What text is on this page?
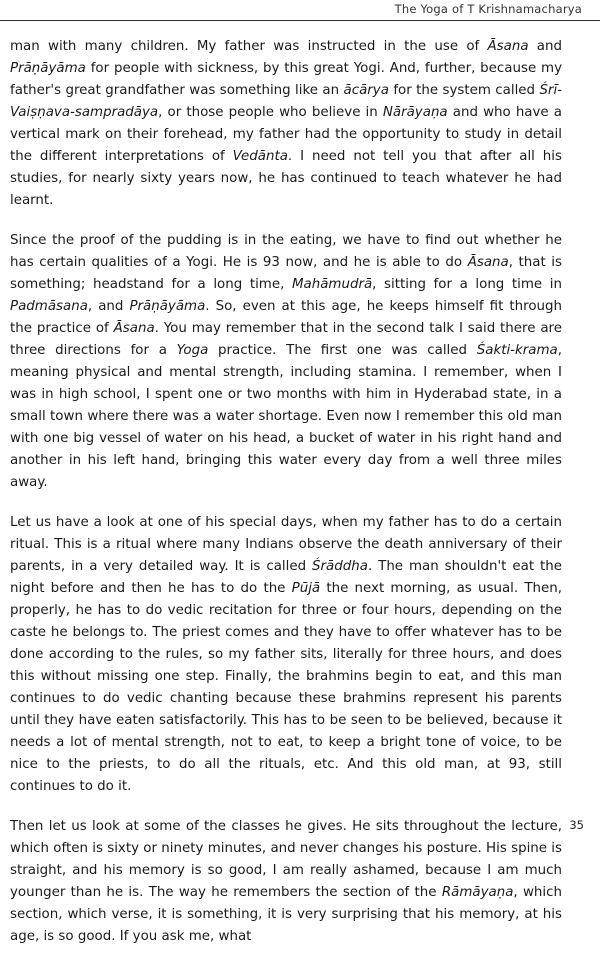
The Yoga of T Krishnamacharya

man with many children. My father was instructed in the use of Āsana and Prāṇāyāma for people with sickness, by this great Yogi. And, further, because my father's great grandfather was something like an ācārya for the system called Śrī-Vaiṣṇava-sampradāya, or those people who believe in Nārāyaṇa and who have a vertical mark on their forehead, my father had the opportunity to study in detail the different interpretations of Vedānta. I need not tell you that after all his studies, for nearly sixty years now, he has continued to teach whatever he had learnt.

Since the proof of the pudding is in the eating, we have to find out whether he has certain qualities of a Yogi. He is 93 now, and he is able to do Āsana, that is something; headstand for a long time, Mahāmudrā, sitting for a long time in Padmāsana, and Prāṇāyāma. So, even at this age, he keeps himself fit through the practice of Āsana. You may remember that in the second talk I said there are three directions for a Yoga practice. The first one was called Śakti-krama, meaning physical and mental strength, including stamina. I remember, when I was in high school, I spent one or two months with him in Hyderabad state, in a small town where there was a water shortage. Even now I remember this old man with one big vessel of water on his head, a bucket of water in his right hand and another in his left hand, bringing this water every day from a well three miles away.

Let us have a look at one of his special days, when my father has to do a certain ritual. This is a ritual where many Indians observe the death anniversary of their parents, in a very detailed way. It is called Śrāddha. The man shouldn't eat the night before and then he has to do the Pūjā the next morning, as usual. Then, properly, he has to do vedic recitation for three or four hours, depending on the caste he belongs to. The priest comes and they have to offer whatever has to be done according to the rules, so my father sits, literally for three hours, and does this without missing one step. Finally, the brahmins begin to eat, and this man continues to do vedic chanting because these brahmins represent his parents until they have eaten satisfactorily. This has to be seen to be believed, because it needs a lot of mental strength, not to eat, to keep a bright tone of voice, to be nice to the priests, to do all the rituals, etc. And this old man, at 93, still continues to do it.

Then let us look at some of the classes he gives. He sits throughout the lecture, which often is sixty or ninety minutes, and never changes his posture. His spine is straight, and his memory is so good, I am really ashamed, because I am much younger than he is. The way he remembers the section of the Rāmāyaṇa, which section, which verse, it is something, it is very surprising that his memory, at his age, is so good. If you ask me, what

35
